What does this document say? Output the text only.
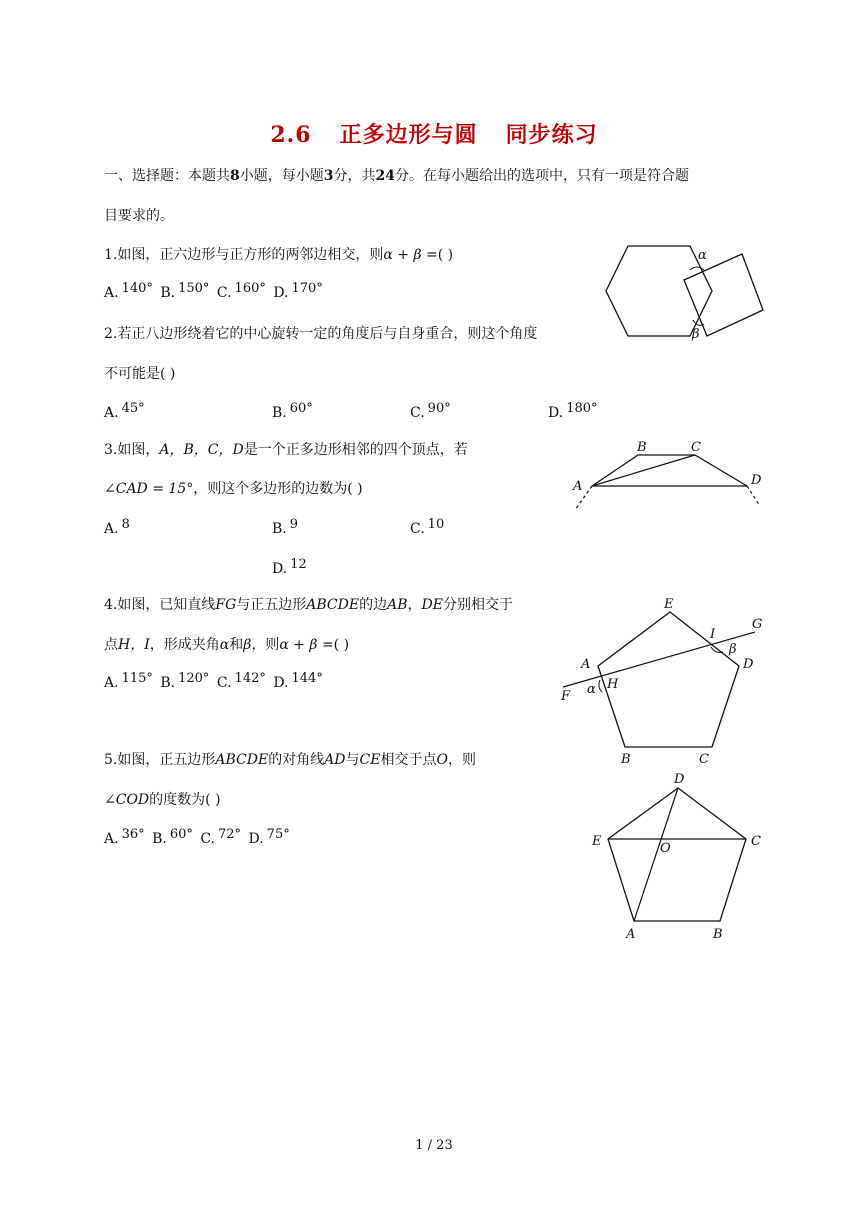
2.6 正多边形与圆 同步练习
一、选择题：本题共8小题，每小题3分，共24分。在每小题给出的选项中，只有一项是符合题
目要求的。
1.如图，正六边形与正方形的两邻边相交，则α + β =( )
A. 140° B. 150° C. 160° D. 170°
α
β
2.若正八边形绕着它的中心旋转一定的角度后与自身重合，则这个角度
不可能是( )
A. 45°	B. 60°	C. 90°	D. 180°
3.如图，A，B，C，D是一个正多边形相邻的四个顶点，若
∠CAD = 15°，则这个多边形的边数为( )
A. 8	B. 9	C. 10
D. 12
A
B	C
D
4.如图，已知直线FG与正五边形ABCDE的边AB，DE分别相交于
点H，I，形成夹角α和β，则α + β =( )
A. 115° B. 120° C. 142° D. 144°
E
G
I
β
A	D
H
F α
B	C
5.如图，正五边形ABCDE的对角线AD与CE相交于点O，则
∠COD的度数为( )
A. 36° B. 60° C. 72° D. 75°
D
E	O	C
A	B
1 / 23
